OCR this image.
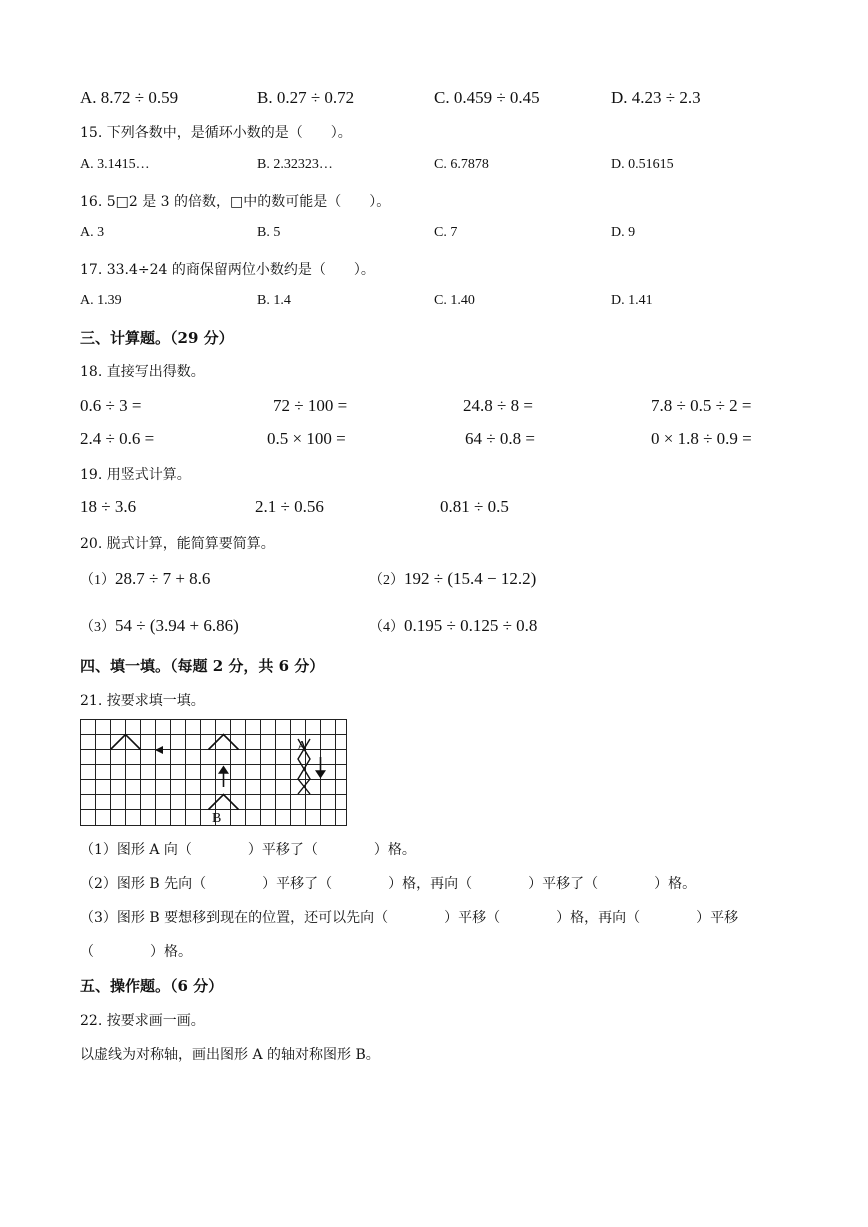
A. 8.72 ÷ 0.59	B. 0.27 ÷ 0.72	C. 0.459 ÷ 0.45	D. 4.23 ÷ 2.3
15. 下列各数中，是循环小数的是（　　）。
A. 3.1415…	B. 2.32323…	C. 6.7878	D. 0.51615
16. 5□2 是 3 的倍数，□中的数可能是（　　）。
A. 3	B. 5	C. 7	D. 9
17. 33.4÷24 的商保留两位小数约是（　　）。
A. 1.39	B. 1.4	C. 1.40	D. 1.41
三、计算题。（29 分）
18. 直接写出得数。
0.6 ÷ 3 =	72 ÷ 100 =	24.8 ÷ 8 =	7.8 ÷ 0.5 ÷ 2 =
2.4 ÷ 0.6 =	0.5 × 100 =	64 ÷ 0.8 =	0 × 1.8 ÷ 0.9 =
19. 用竖式计算。
18 ÷ 3.6	2.1 ÷ 0.56	0.81 ÷ 0.5
20. 脱式计算，能简算要简算。
（1）28.7 ÷ 7 + 8.6	（2）192 ÷ (15.4 − 12.2)
（3）54 ÷ (3.94 + 6.86)	（4）0.195 ÷ 0.125 ÷ 0.8
四、填一填。（每题 2 分，共 6 分）
21. 按要求填一填。
A
B
（1）图形 A 向（　　　　）平移了（　　　　）格。
（2）图形 B 先向（　　　　）平移了（　　　　）格，再向（　　　　）平移了（　　　　）格。
（3）图形 B 要想移到现在的位置，还可以先向（　　　　）平移（　　　　）格，再向（　　　　）平移
（　　　　）格。
五、操作题。（6 分）
22. 按要求画一画。
以虚线为对称轴，画出图形 A 的轴对称图形 B。
